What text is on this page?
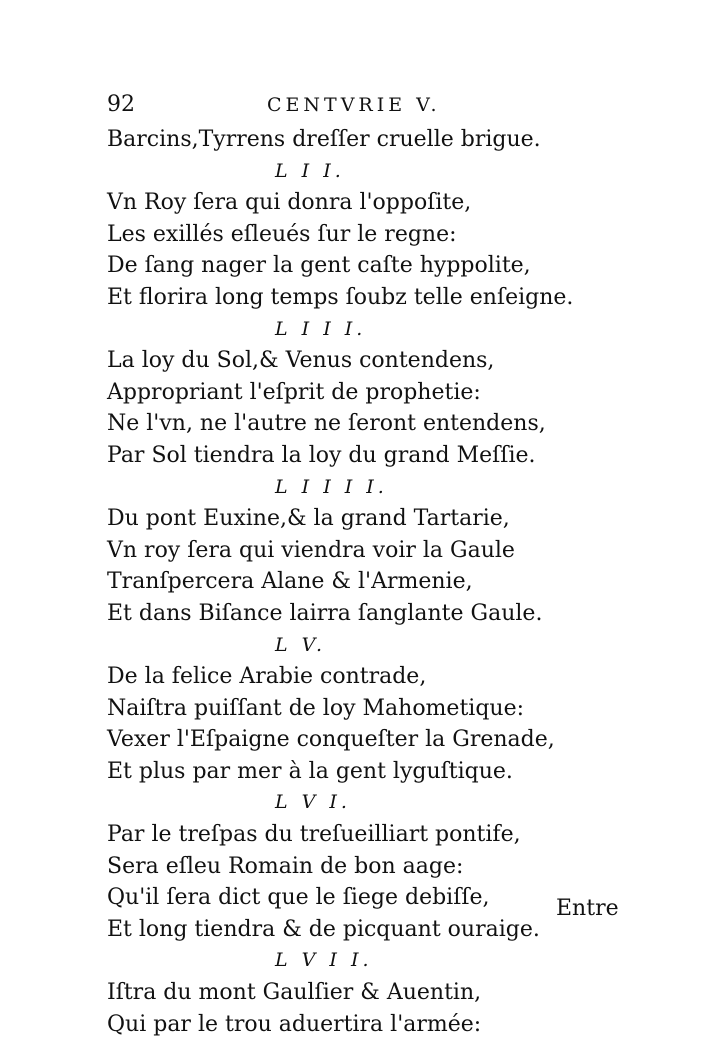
92	CENTVRIE V.
Barcins,Tyrrens dreſſer cruelle brigue.
L I I.
Vn Roy ſera qui donra l'oppoſite,
Les exillés eſleués ſur le regne:
De ſang nager la gent caſte hyppolite,
Et florira long temps ſoubz telle enſeigne.
L I I I.
La loy du Sol,& Venus contendens,
Appropriant l'eſprit de prophetie:
Ne l'vn, ne l'autre ne ſeront entendens,
Par Sol tiendra la loy du grand Meſſie.
L I I I I.
Du pont Euxine,& la grand Tartarie,
Vn roy ſera qui viendra voir la Gaule
Tranſpercera Alane & l'Armenie,
Et dans Biſance lairra ſanglante Gaule.
L V.
De la felice Arabie contrade,
Naiſtra puiſſant de loy Mahometique:
Vexer l'Eſpaigne conqueſter la Grenade,
Et plus par mer à la gent lyguſtique.
L V I.
Par le treſpas du treſueilliart pontife,
Sera eſleu Romain de bon aage:
Qu'il ſera dict que le ſiege debiſſe,
Et long tiendra & de picquant ouraige.
L V I I.
Iſtra du mont Gaulſier & Auentin,
Qui par le trou aduertira l'armée:
Entre
